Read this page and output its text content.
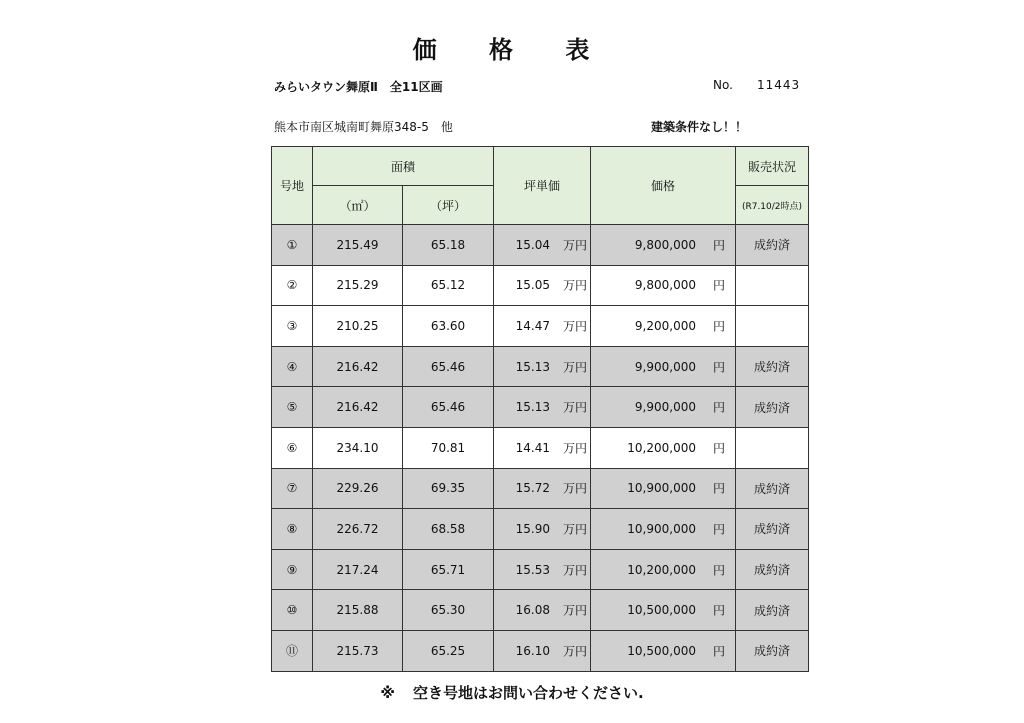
価 格 表
みらいタウン舞原Ⅱ　全11区画	No. 11443
熊本市南区城南町舞原348-5　他	建築条件なし！！
号地	面積		坪単価	価格	販売状況
	（㎡）	（坪）			(R7.10/2時点)
①	215.49	65.18	15.04 万円	9,800,000 円	成約済
②	215.29	65.12	15.05 万円	9,800,000 円	

③	210.25	63.60	14.47 万円	9,200,000 円	

④	216.42	65.46	15.13 万円	9,900,000 円	成約済
⑤	216.42	65.46	15.13 万円	9,900,000 円	成約済
⑥	234.10	70.81	14.41 万円	10,200,000 円	

⑦	229.26	69.35	15.72 万円	10,900,000 円	成約済
⑧	226.72	68.58	15.90 万円	10,900,000 円	成約済
⑨	217.24	65.71	15.53 万円	10,200,000 円	成約済
⑩	215.88	65.30	16.08 万円	10,500,000 円	成約済
⑪	215.73	65.25	16.10 万円	10,500,000 円	成約済
※ 空き号地はお問い合わせください.
